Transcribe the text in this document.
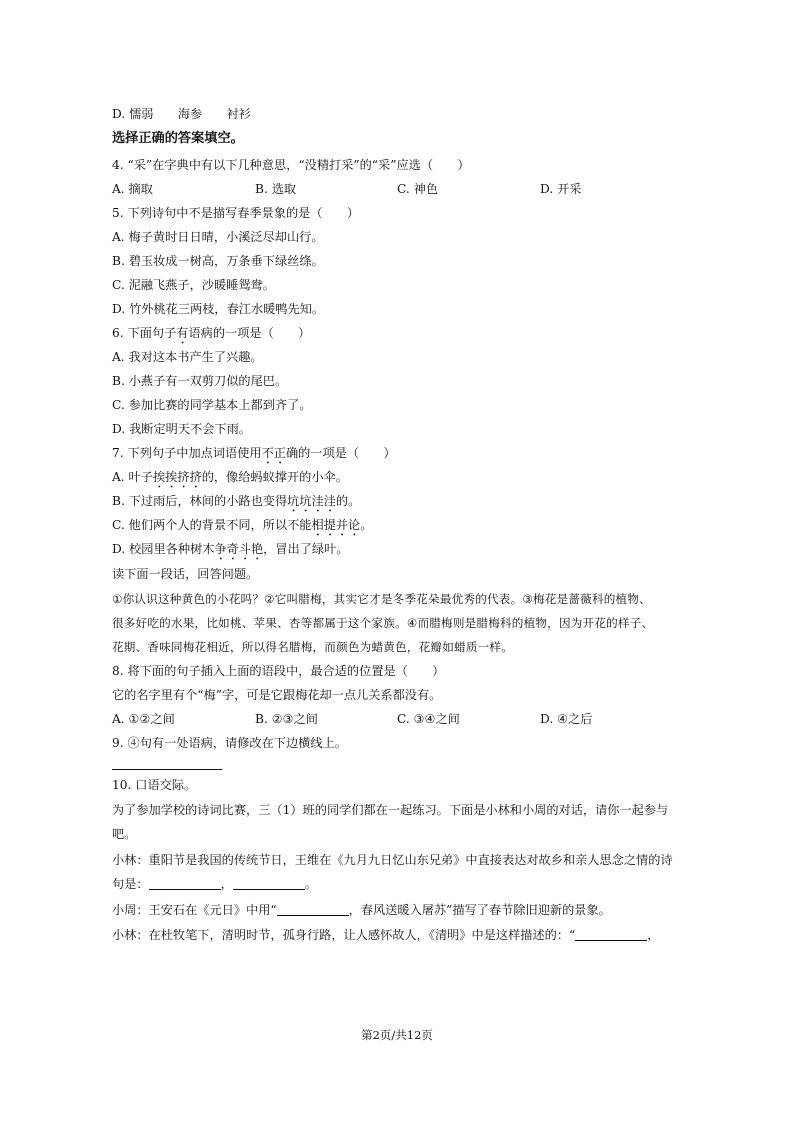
D. 懦弱　　海参　　衬衫
选择正确的答案填空。
4. “采”在字典中有以下几种意思，“没精打采”的“采”应选（　　）
A. 摘取	B. 选取	C. 神色	D. 开采
5. 下列诗句中不是描写春季景象的是（　　）
A. 梅子黄时日日晴，小溪泛尽却山行。
B. 碧玉妆成一树高，万条垂下绿丝绦。
C. 泥融飞燕子，沙暖睡鸳鸯。
D. 竹外桃花三两枝，春江水暖鸭先知。
6. 下面句子有语病的一项是（　　）
A. 我对这本书产生了兴趣。
B. 小燕子有一双剪刀似的尾巴。
C. 参加比赛的同学基本上都到齐了。
D. 我断定明天不会下雨。
7. 下列句子中加点词语使用不正确的一项是（　　）
A. 叶子挨挨挤挤的，像给蚂蚁撑开的小伞。
B. 下过雨后，林间的小路也变得坑坑洼洼的。
C. 他们两个人的背景不同，所以不能相提并论。
D. 校园里各种树木争奇斗艳，冒出了绿叶。
读下面一段话，回答问题。
①你认识这种黄色的小花吗？②它叫腊梅，其实它才是冬季花朵最优秀的代表。③梅花是蔷薇科的植物、
很多好吃的水果，比如桃、苹果、杏等都属于这个家族。④而腊梅则是腊梅科的植物，因为开花的样子、
花期、香味同梅花相近，所以得名腊梅，而颜色为蜡黄色，花瓣如蜡质一样。
8. 将下面的句子插入上面的语段中，最合适的位置是（　　）
它的名字里有个“梅”字，可是它跟梅花却一点儿关系都没有。
A. ①②之间	B. ②③之间	C. ③④之间	D. ④之后
9. ④句有一处语病，请修改在下边横线上。
10. 口语交际。
为了参加学校的诗词比赛，三（1）班的同学们都在一起练习。下面是小林和小周的对话，请你一起参与
吧。
小林：重阳节是我国的传统节日，王维在《九月九日忆山东兄弟》中直接表达对故乡和亲人思念之情的诗
句是：	，	。
小周：王安石在《元日》中用“	，春风送暖入屠苏”描写了春节除旧迎新的景象。
小林：在杜牧笔下，清明时节，孤身行路，让人感怀故人，《清明》中是这样描述的：“	，
第2页/共12页
